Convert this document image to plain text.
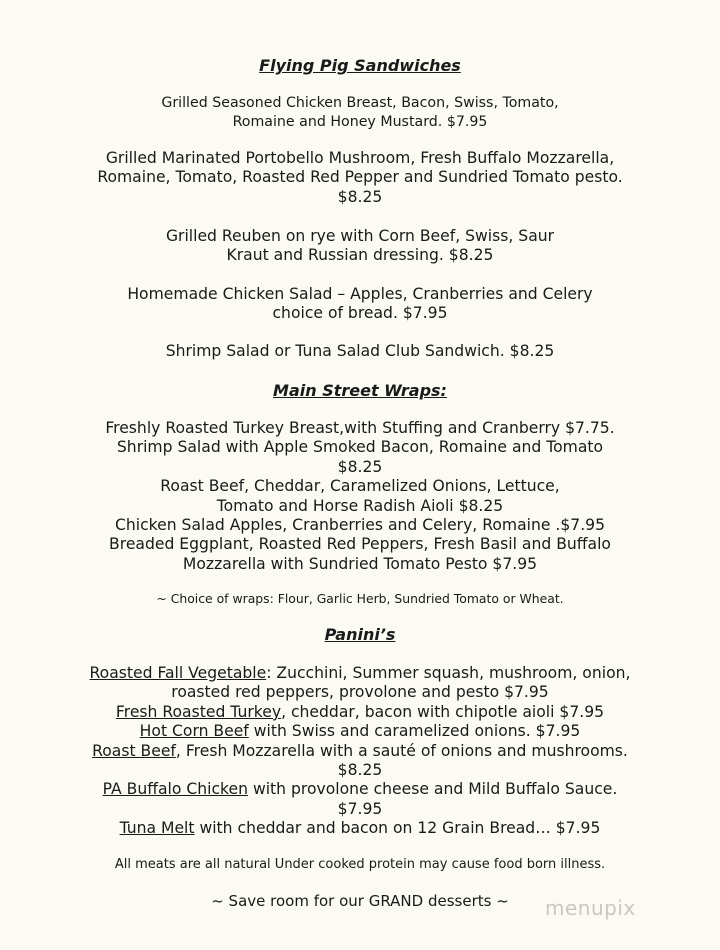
Flying Pig Sandwiches
Grilled Seasoned Chicken Breast, Bacon, Swiss, Tomato,
Romaine and Honey Mustard. $7.95
Grilled Marinated Portobello Mushroom, Fresh Buffalo Mozzarella,
Romaine, Tomato, Roasted Red Pepper and Sundried Tomato pesto.
$8.25
Grilled Reuben on rye with Corn Beef, Swiss, Saur
Kraut and Russian dressing. $8.25
Homemade Chicken Salad – Apples, Cranberries and Celery
choice of bread. $7.95
Shrimp Salad or Tuna Salad Club Sandwich. $8.25
Main Street Wraps:
Freshly Roasted Turkey Breast,with Stuffing and Cranberry $7.75.
Shrimp Salad with Apple Smoked Bacon, Romaine and Tomato
$8.25
Roast Beef, Cheddar, Caramelized Onions, Lettuce,
Tomato and Horse Radish Aioli $8.25
Chicken Salad Apples, Cranberries and Celery, Romaine .$7.95
Breaded Eggplant, Roasted Red Peppers, Fresh Basil and Buffalo
Mozzarella with Sundried Tomato Pesto $7.95
~ Choice of wraps: Flour, Garlic Herb, Sundried Tomato or Wheat.
Panini’s
Roasted Fall Vegetable: Zucchini, Summer squash, mushroom, onion,
roasted red peppers, provolone and pesto $7.95
Fresh Roasted Turkey, cheddar, bacon with chipotle aioli $7.95
Hot Corn Beef with Swiss and caramelized onions. $7.95
Roast Beef, Fresh Mozzarella with a sauté of onions and mushrooms.
$8.25
PA Buffalo Chicken with provolone cheese and Mild Buffalo Sauce.
$7.95
Tuna Melt with cheddar and bacon on 12 Grain Bread… $7.95
All meats are all natural Under cooked protein may cause food born illness.
~ Save room for our GRAND desserts ~	menupix
